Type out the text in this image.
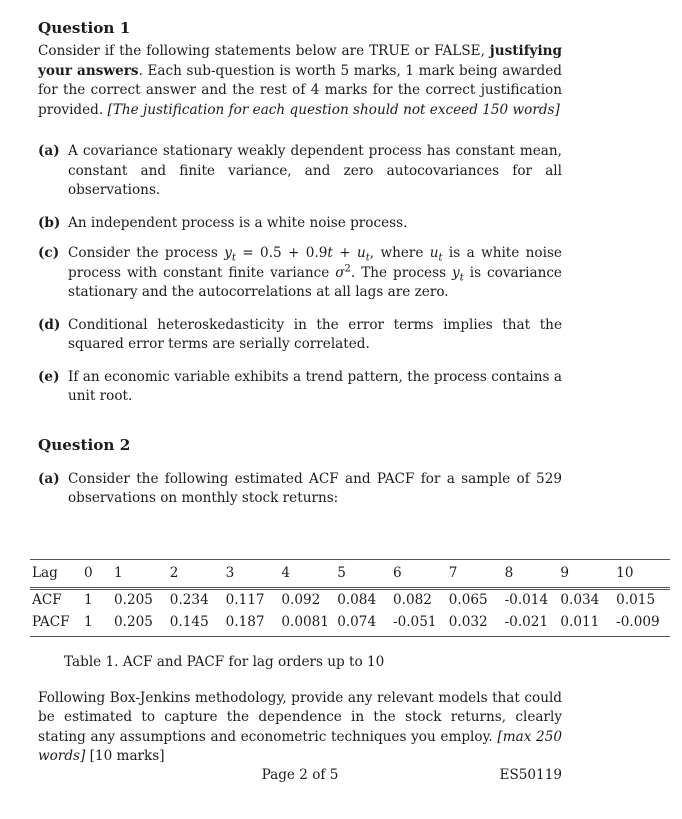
Question 1

Consider if the following statements below are TRUE or FALSE, justifying your answers. Each sub-question is worth 5 marks, 1 mark being awarded for the correct answer and the rest of 4 marks for the correct justification provided. [The justification for each question should not exceed 150 words]

(a) A covariance stationary weakly dependent process has constant mean, constant and finite variance, and zero autocovariances for all observations.
(b) An independent process is a white noise process.
(c) Consider the process $y_t = 0.5 + 0.9t + u_t$, where $u_t$ is a white noise process with constant finite variance $\sigma^2$. The process $y_t$ is covariance stationary and the autocorrelations at all lags are zero.
(d) Conditional heteroskedasticity in the error terms implies that the squared error terms are serially correlated.
(e) If an economic variable exhibits a trend pattern, the process contains a unit root.
Question 2
(a) Consider the following estimated ACF and PACF for a sample of 529 observations on monthly stock returns:
Lag	0	1	2	3	4	5	6	7	8	9	10
ACF	1	0.205	0.234	0.117	0.092	0.084	0.082	0.065	-0.014	0.034	0.015
PACF	1	0.205	0.145	0.187	0.0081	0.074	-0.051	0.032	-0.021	0.011	-0.009
Table 1. ACF and PACF for lag orders up to 10

Following Box-Jenkins methodology, provide any relevant models that could be estimated to capture the dependence in the stock returns, clearly stating any assumptions and econometric techniques you employ. [max 250 words] [10 marks]

Page 2 of 5	ES50119
